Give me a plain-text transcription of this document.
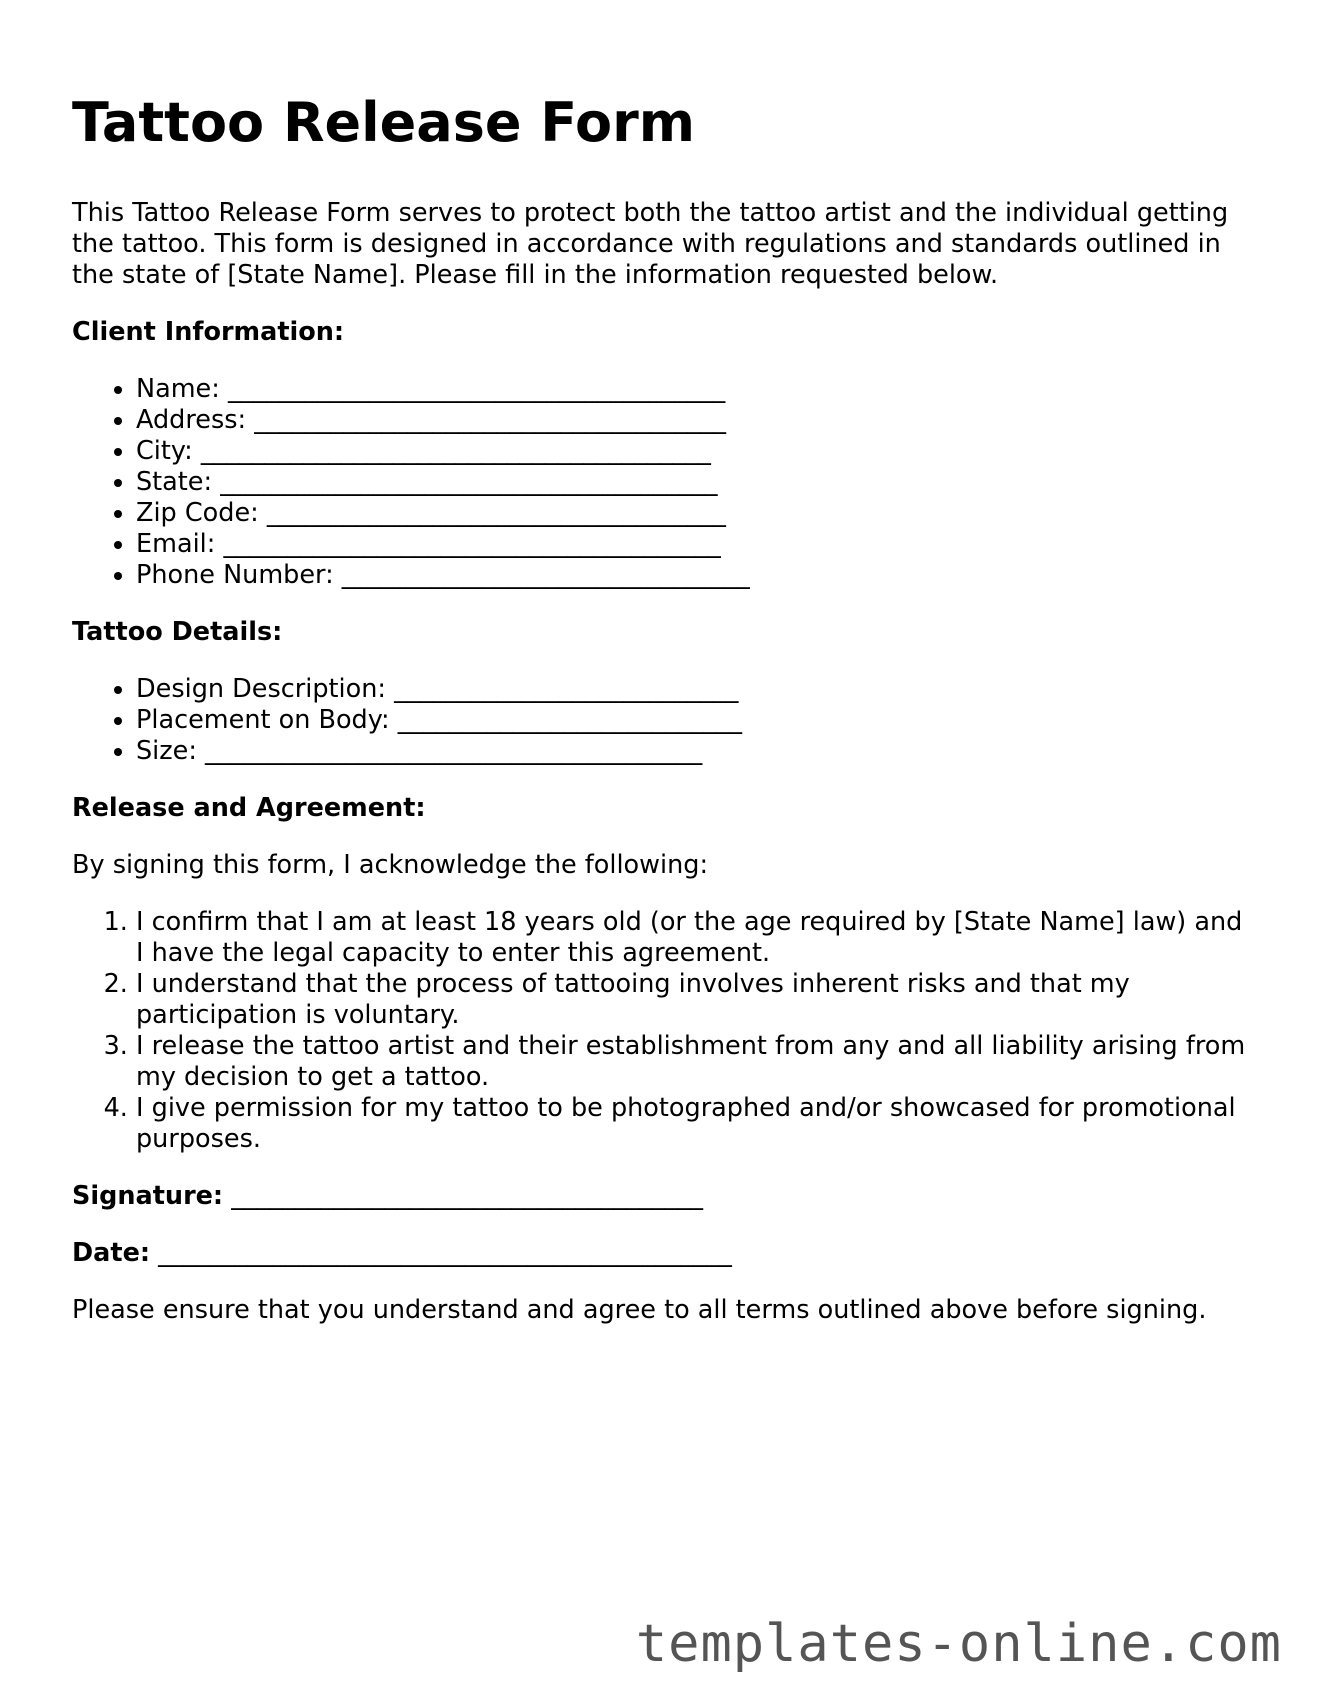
Tattoo Release Form

This Tattoo Release Form serves to protect both the tattoo artist and the individual getting the tattoo. This form is designed in accordance with regulations and standards outlined in the state of [State Name]. Please fill in the information requested below.

Client Information:
• Name: _______________________________________
• Address: _____________________________________
• City: ________________________________________
• State: _______________________________________
• Zip Code: ____________________________________
• Email: _______________________________________
• Phone Number: ________________________________
Tattoo Details:
• Design Description: ___________________________
• Placement on Body: ___________________________
• Size: _______________________________________
Release and Agreement:

By signing this form, I acknowledge the following:

1. I confirm that I am at least 18 years old (or the age required by [State Name] law) and I have the legal capacity to enter this agreement.
2. I understand that the process of tattooing involves inherent risks and that my participation is voluntary.
3. I release the tattoo artist and their establishment from any and all liability arising from my decision to get a tattoo.
4. I give permission for my tattoo to be photographed and/or showcased for promotional purposes.
Signature: _____________________________________
Date: _____________________________________________

Please ensure that you understand and agree to all terms outlined above before signing.

templates-online.com
